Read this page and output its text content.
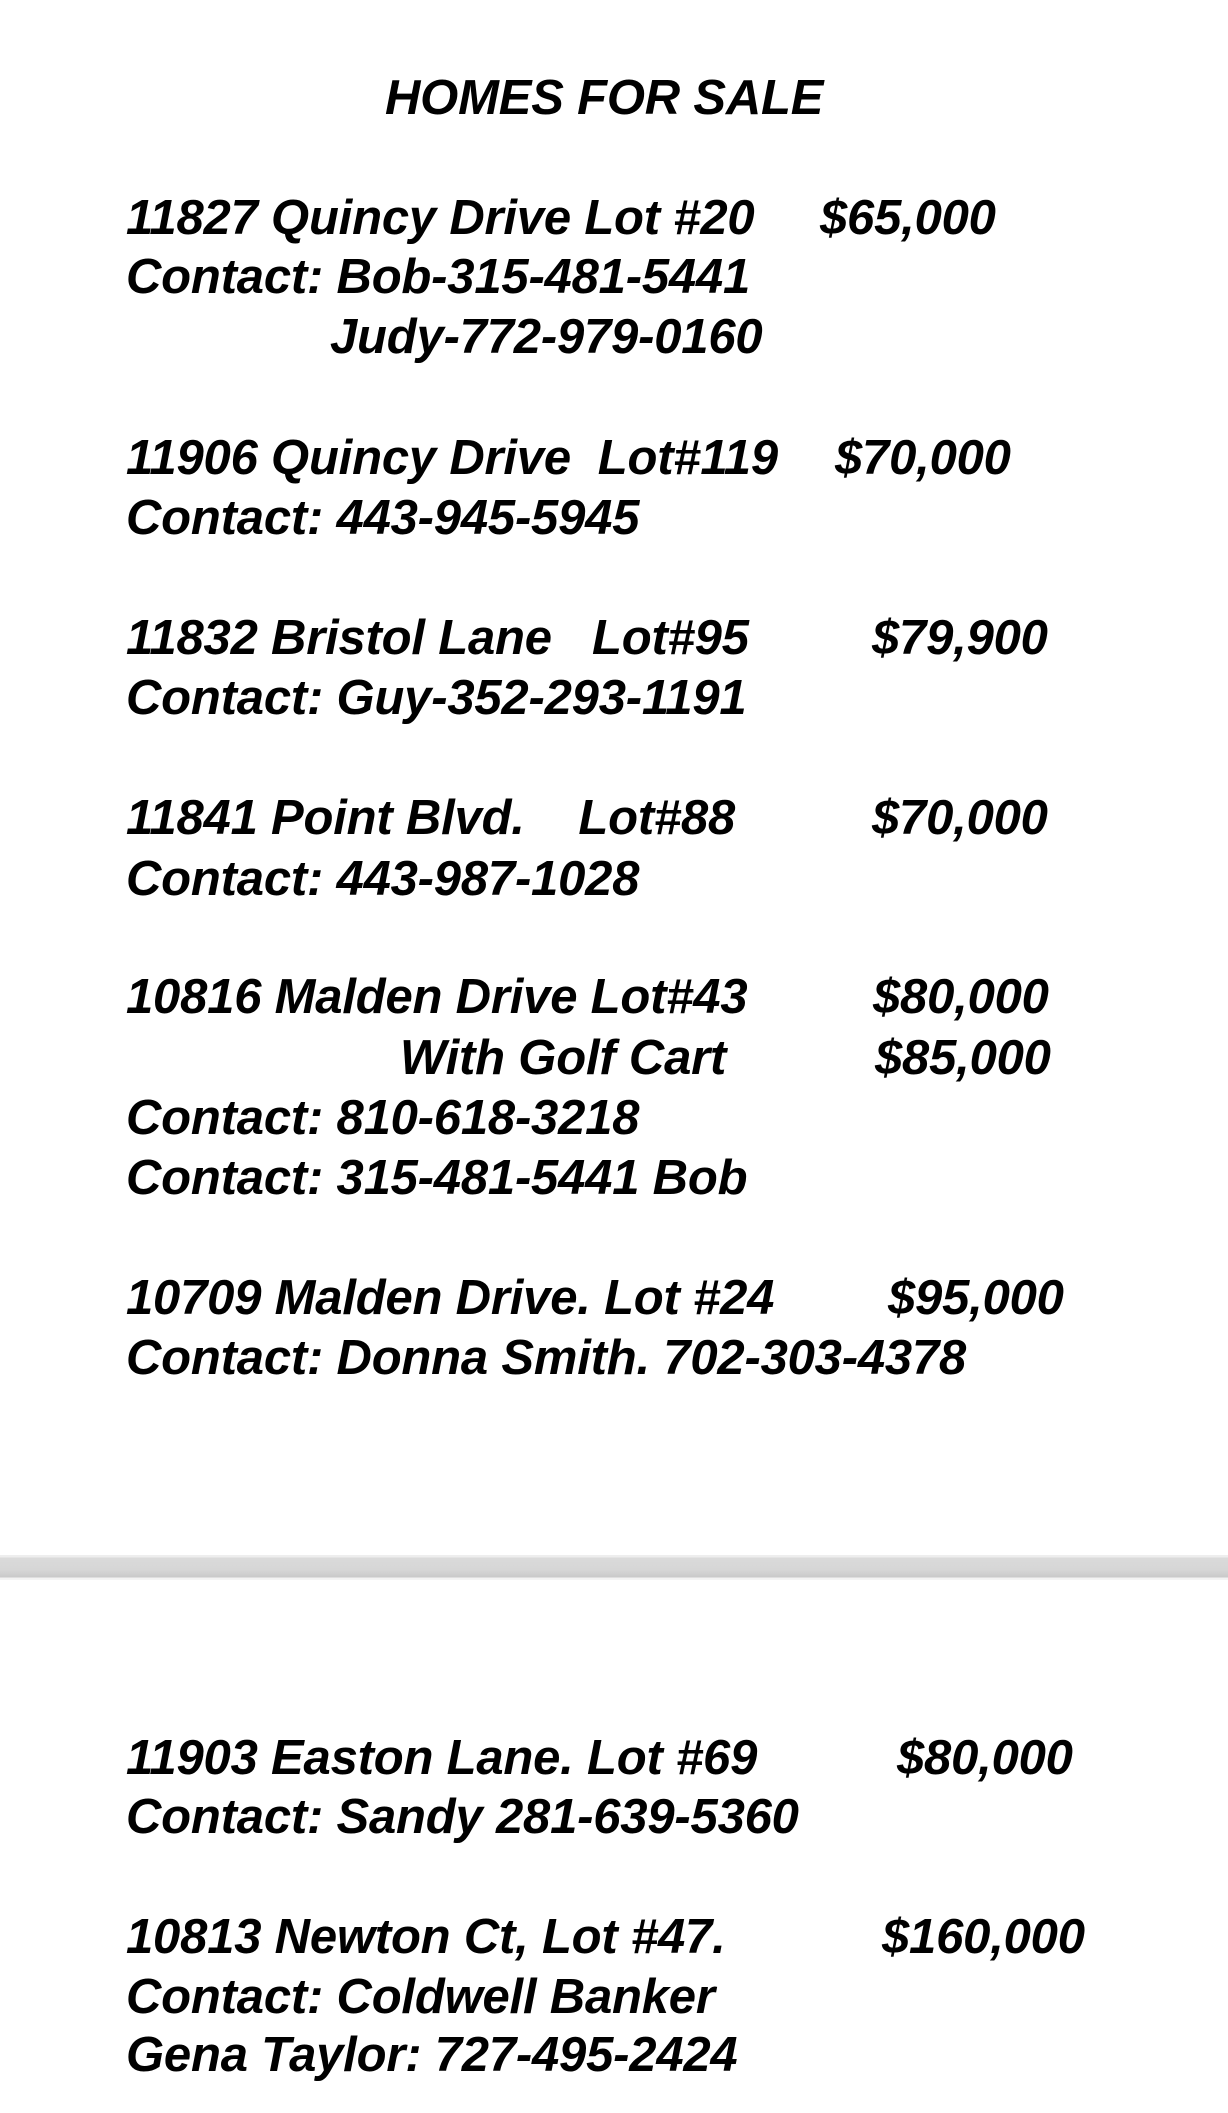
HOMES FOR SALE
11827 Quincy Drive Lot #20 $65,000
Contact: Bob-315-481-5441
Judy-772-979-0160
11906 Quincy Drive  Lot#119 $70,000
Contact: 443-945-5945
11832 Bristol Lane   Lot#95	$79,900
Contact: Guy-352-293-1191
11841 Point Blvd.    Lot#88	$70,000
Contact: 443-987-1028
10816 Malden Drive Lot#43	$80,000
With Golf Cart	$85,000
Contact: 810-618-3218
Contact: 315-481-5441 Bob
10709 Malden Drive. Lot #24 $95,000
Contact: Donna Smith. 702-303-4378
11903 Easton Lane. Lot #69	$80,000
Contact: Sandy 281-639-5360
10813 Newton Ct, Lot #47.	$160,000
Contact: Coldwell Banker
Gena Taylor: 727-495-2424
